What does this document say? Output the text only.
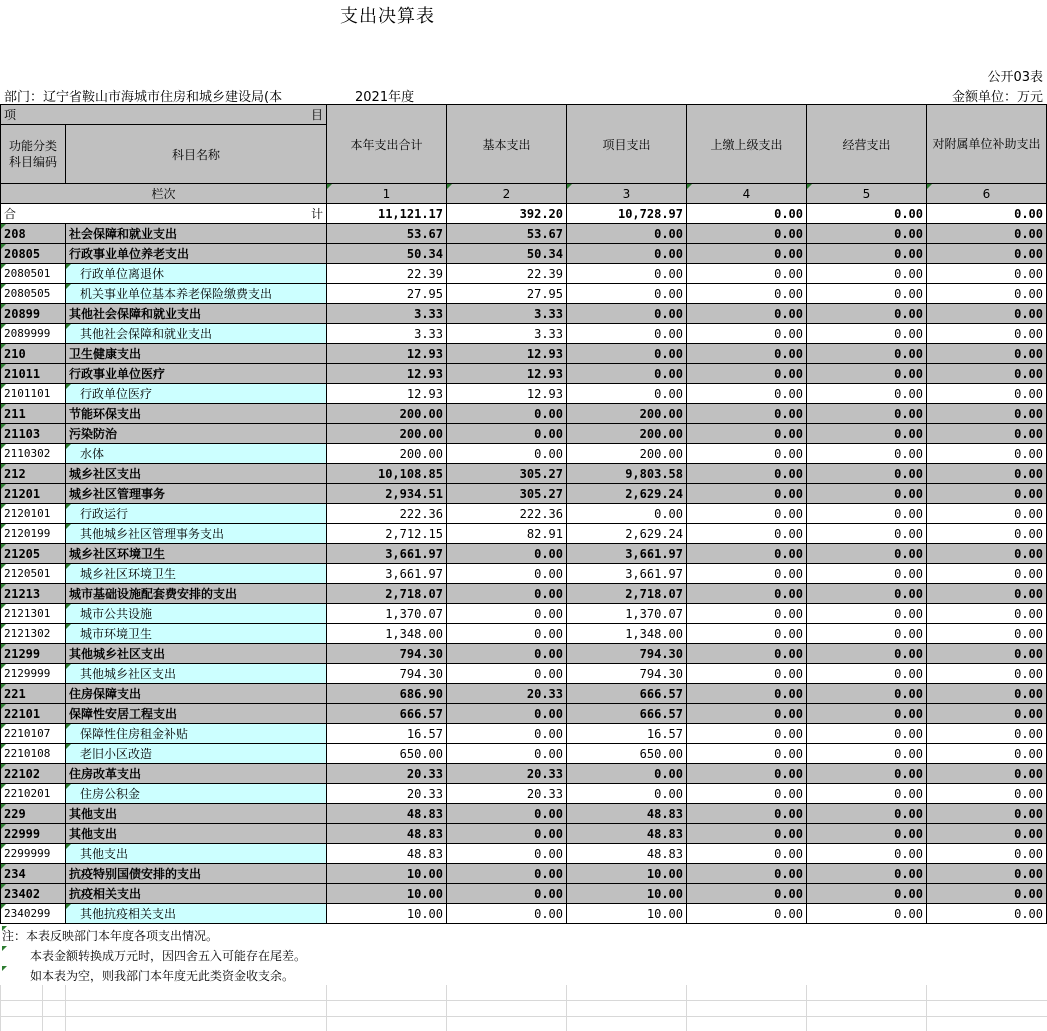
支出决算表
公开03表
部门：辽宁省鞍山市海城市住房和城乡建设局(本	2021年度	金额单位：万元
项 目		本年支出合计	基本支出	项目支出	上缴上级支出	经营支出	对附属单位补助支出
功能分类
科目编码	科目名称						
栏次		1	2	3	4	5	6
合 计		11,121.17	392.20	10,728.97	0.00	0.00	0.00
208	社会保障和就业支出	53.67	53.67	0.00	0.00	0.00	0.00
20805	行政事业单位养老支出	50.34	50.34	0.00	0.00	0.00	0.00
2080501	行政单位离退休	22.39	22.39	0.00	0.00	0.00	0.00
2080505	机关事业单位基本养老保险缴费支出	27.95	27.95	0.00	0.00	0.00	0.00
20899	其他社会保障和就业支出	3.33	3.33	0.00	0.00	0.00	0.00
2089999	其他社会保障和就业支出	3.33	3.33	0.00	0.00	0.00	0.00
210	卫生健康支出	12.93	12.93	0.00	0.00	0.00	0.00
21011	行政事业单位医疗	12.93	12.93	0.00	0.00	0.00	0.00
2101101	行政单位医疗	12.93	12.93	0.00	0.00	0.00	0.00
211	节能环保支出	200.00	0.00	200.00	0.00	0.00	0.00
21103	污染防治	200.00	0.00	200.00	0.00	0.00	0.00
2110302	水体	200.00	0.00	200.00	0.00	0.00	0.00
212	城乡社区支出	10,108.85	305.27	9,803.58	0.00	0.00	0.00
21201	城乡社区管理事务	2,934.51	305.27	2,629.24	0.00	0.00	0.00
2120101	行政运行	222.36	222.36	0.00	0.00	0.00	0.00
2120199	其他城乡社区管理事务支出	2,712.15	82.91	2,629.24	0.00	0.00	0.00
21205	城乡社区环境卫生	3,661.97	0.00	3,661.97	0.00	0.00	0.00
2120501	城乡社区环境卫生	3,661.97	0.00	3,661.97	0.00	0.00	0.00
21213	城市基础设施配套费安排的支出	2,718.07	0.00	2,718.07	0.00	0.00	0.00
2121301	城市公共设施	1,370.07	0.00	1,370.07	0.00	0.00	0.00
2121302	城市环境卫生	1,348.00	0.00	1,348.00	0.00	0.00	0.00
21299	其他城乡社区支出	794.30	0.00	794.30	0.00	0.00	0.00
2129999	其他城乡社区支出	794.30	0.00	794.30	0.00	0.00	0.00
221	住房保障支出	686.90	20.33	666.57	0.00	0.00	0.00
22101	保障性安居工程支出	666.57	0.00	666.57	0.00	0.00	0.00
2210107	保障性住房租金补贴	16.57	0.00	16.57	0.00	0.00	0.00
2210108	老旧小区改造	650.00	0.00	650.00	0.00	0.00	0.00
22102	住房改革支出	20.33	20.33	0.00	0.00	0.00	0.00
2210201	住房公积金	20.33	20.33	0.00	0.00	0.00	0.00
229	其他支出	48.83	0.00	48.83	0.00	0.00	0.00
22999	其他支出	48.83	0.00	48.83	0.00	0.00	0.00
2299999	其他支出	48.83	0.00	48.83	0.00	0.00	0.00
234	抗疫特别国债安排的支出	10.00	0.00	10.00	0.00	0.00	0.00
23402	抗疫相关支出	10.00	0.00	10.00	0.00	0.00	0.00
2340299	其他抗疫相关支出	10.00	0.00	10.00	0.00	0.00	0.00
注：本表反映部门本年度各项支出情况。
本表金额转换成万元时，因四舍五入可能存在尾差。
如本表为空，则我部门本年度无此类资金收支余。
